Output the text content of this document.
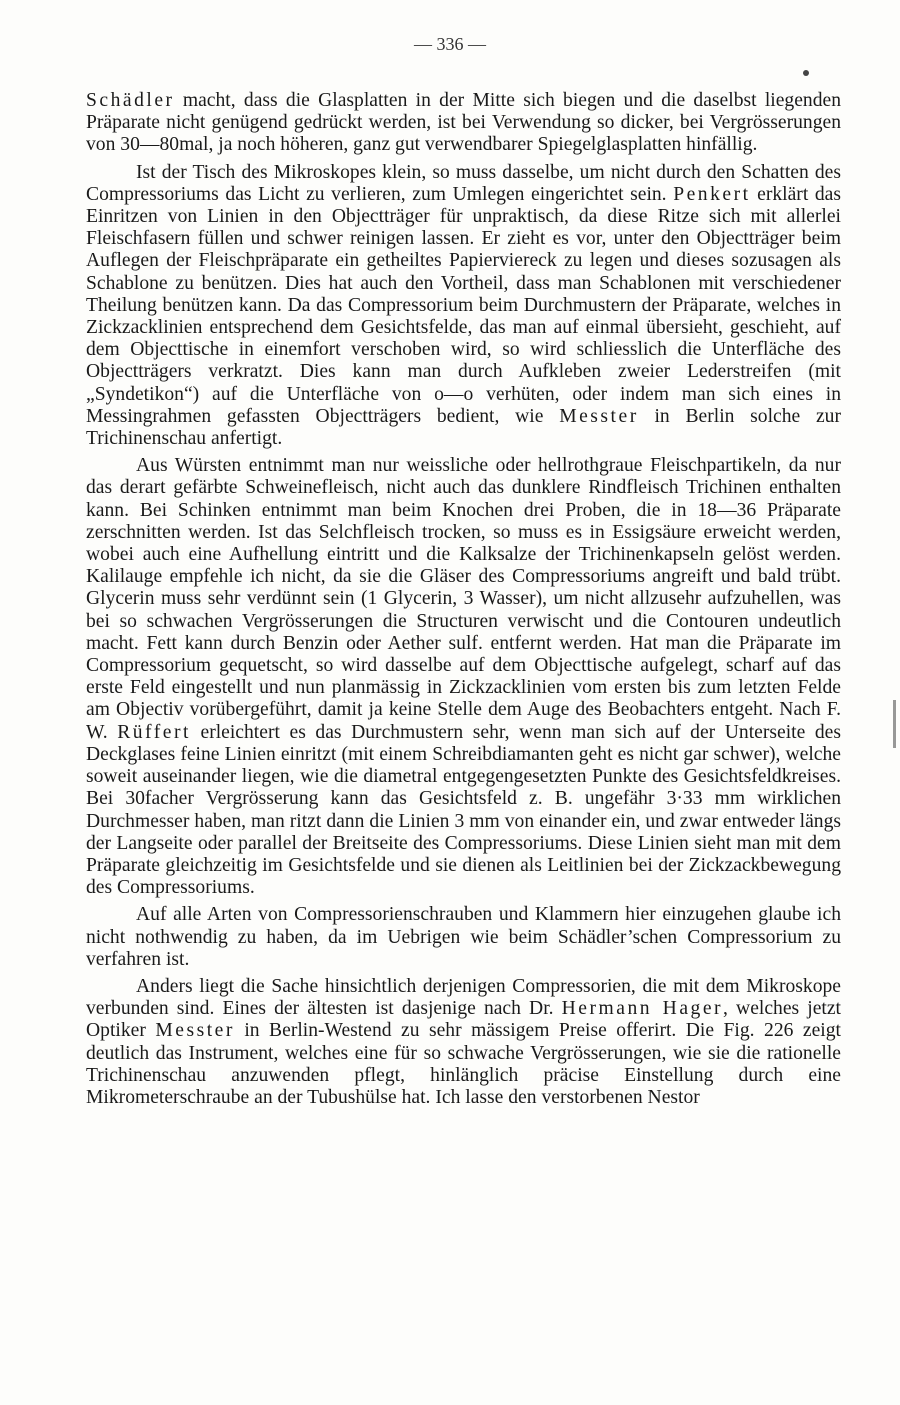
— 336 —

Schädler macht, dass die Glasplatten in der Mitte sich biegen und die daselbst liegenden Präparate nicht genügend gedrückt werden, ist bei Verwendung so dicker, bei Vergrösserungen von 30—80mal, ja noch höheren, ganz gut verwendbarer Spiegelglasplatten hinfällig.

Ist der Tisch des Mikroskopes klein, so muss dasselbe, um nicht durch den Schatten des Compressoriums das Licht zu verlieren, zum Umlegen eingerichtet sein. Penkert erklärt das Einritzen von Linien in den Objectträger für unpraktisch, da diese Ritze sich mit allerlei Fleischfasern füllen und schwer reinigen lassen. Er zieht es vor, unter den Objectträger beim Auflegen der Fleischpräparate ein getheiltes Papierviereck zu legen und dieses sozusagen als Schablone zu benützen. Dies hat auch den Vortheil, dass man Schablonen mit verschiedener Theilung benützen kann. Da das Compressorium beim Durchmustern der Präparate, welches in Zickzacklinien entsprechend dem Gesichtsfelde, das man auf einmal übersieht, geschieht, auf dem Objecttische in einemfort verschoben wird, so wird schliesslich die Unterfläche des Objectträgers verkratzt. Dies kann man durch Aufkleben zweier Lederstreifen (mit „Syndetikon“) auf die Unterfläche von o—o verhüten, oder indem man sich eines in Messingrahmen gefassten Objectträgers bedient, wie Messter in Berlin solche zur Trichinenschau anfertigt.

Aus Würsten entnimmt man nur weissliche oder hellrothgraue Fleischpartikeln, da nur das derart gefärbte Schweinefleisch, nicht auch das dunklere Rindfleisch Trichinen enthalten kann. Bei Schinken entnimmt man beim Knochen drei Proben, die in 18—36 Präparate zerschnitten werden. Ist das Selchfleisch trocken, so muss es in Essigsäure erweicht werden, wobei auch eine Aufhellung eintritt und die Kalksalze der Trichinenkapseln gelöst werden. Kalilauge empfehle ich nicht, da sie die Gläser des Compressoriums angreift und bald trübt. Glycerin muss sehr verdünnt sein (1 Glycerin, 3 Wasser), um nicht allzusehr aufzuhellen, was bei so schwachen Vergrösserungen die Structuren verwischt und die Contouren undeutlich macht. Fett kann durch Benzin oder Aether sulf. entfernt werden. Hat man die Präparate im Compressorium gequetscht, so wird dasselbe auf dem Objecttische aufgelegt, scharf auf das erste Feld eingestellt und nun planmässig in Zickzacklinien vom ersten bis zum letzten Felde am Objectiv vorübergeführt, damit ja keine Stelle dem Auge des Beobachters entgeht. Nach F. W. Rüffert erleichtert es das Durchmustern sehr, wenn man sich auf der Unterseite des Deckglases feine Linien einritzt (mit einem Schreibdiamanten geht es nicht gar schwer), welche soweit auseinander liegen, wie die diametral entgegengesetzten Punkte des Gesichtsfeldkreises. Bei 30facher Vergrösserung kann das Gesichtsfeld z. B. ungefähr 3·33 mm wirklichen Durchmesser haben, man ritzt dann die Linien 3 mm von einander ein, und zwar entweder längs der Langseite oder parallel der Breitseite des Compressoriums. Diese Linien sieht man mit dem Präparate gleichzeitig im Gesichtsfelde und sie dienen als Leitlinien bei der Zickzackbewegung des Compressoriums.

Auf alle Arten von Compressorienschrauben und Klammern hier einzugehen glaube ich nicht nothwendig zu haben, da im Uebrigen wie beim Schädler’schen Compressorium zu verfahren ist.

Anders liegt die Sache hinsichtlich derjenigen Compressorien, die mit dem Mikroskope verbunden sind. Eines der ältesten ist dasjenige nach Dr. Hermann Hager, welches jetzt Optiker Messter in Berlin-Westend zu sehr mässigem Preise offerirt. Die Fig. 226 zeigt deutlich das Instrument, welches eine für so schwache Vergrösserungen, wie sie die rationelle Trichinenschau anzuwenden pflegt, hinlänglich präcise Einstellung durch eine Mikrometerschraube an der Tubushülse hat. Ich lasse den verstorbenen Nestor
